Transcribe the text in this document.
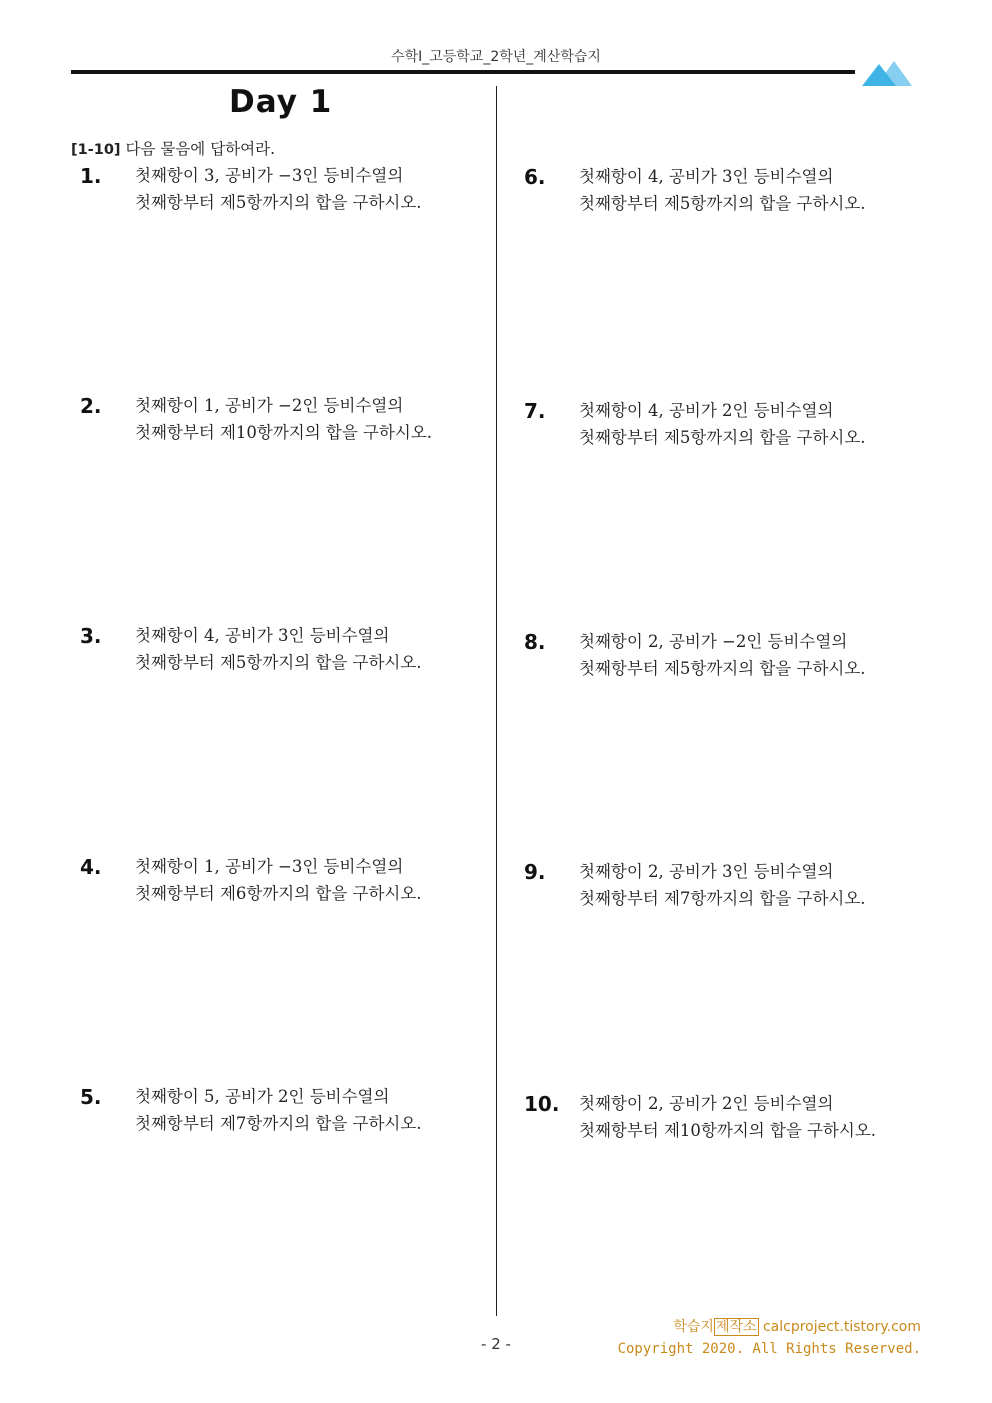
수학I_고등학교_2학년_계산학습지
Day 1
[1-10] 다음 물음에 답하여라.
1. 첫째항이 3, 공비가 −3인 등비수열의
첫째항부터 제5항까지의 합을 구하시오.
2. 첫째항이 1, 공비가 −2인 등비수열의
첫째항부터 제10항까지의 합을 구하시오.
3. 첫째항이 4, 공비가 3인 등비수열의
첫째항부터 제5항까지의 합을 구하시오.
4. 첫째항이 1, 공비가 −3인 등비수열의
첫째항부터 제6항까지의 합을 구하시오.
5. 첫째항이 5, 공비가 2인 등비수열의
첫째항부터 제7항까지의 합을 구하시오.
6. 첫째항이 4, 공비가 3인 등비수열의
첫째항부터 제5항까지의 합을 구하시오.
7. 첫째항이 4, 공비가 2인 등비수열의
첫째항부터 제5항까지의 합을 구하시오.
8. 첫째항이 2, 공비가 −2인 등비수열의
첫째항부터 제5항까지의 합을 구하시오.
9. 첫째항이 2, 공비가 3인 등비수열의
첫째항부터 제7항까지의 합을 구하시오.
10. 첫째항이 2, 공비가 2인 등비수열의
첫째항부터 제10항까지의 합을 구하시오.
학습지 제작소 calcproject.tistory.com
Copyright 2020. All Rights Reserved.
- 2 -
